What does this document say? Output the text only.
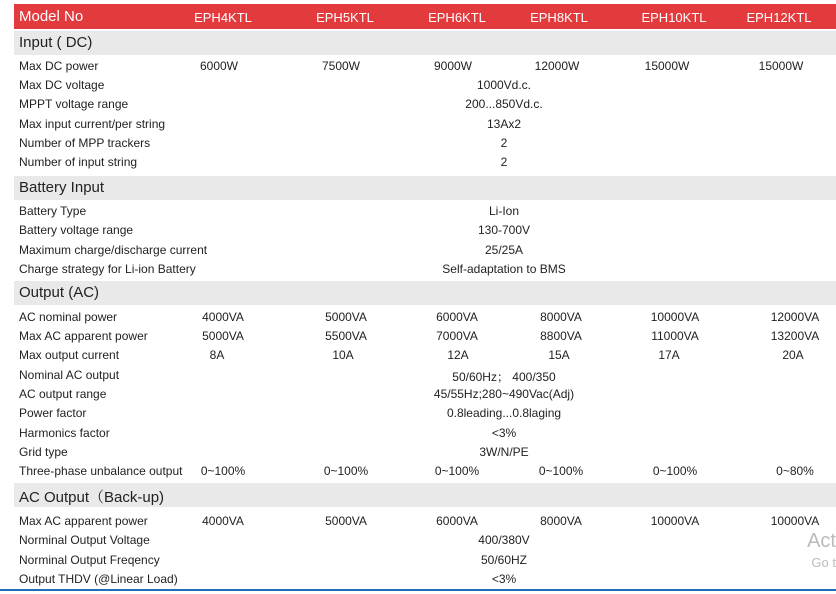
Model No	EPH4KTL	EPH5KTL	EPH6KTL	EPH8KTL	EPH10KTL	EPH12KTL
Input ( DC)
Max DC power	6000W	7500W	9000W	12000W	15000W	15000W
Max DC voltage	1000Vd.c.
MPPT voltage range	200...850Vd.c.
Max input current/per string	13Ax2
Number of MPP trackers	2
Number of input string	2
Battery Input
Battery Type	Li-Ion
Battery voltage range	130-700V
Maximum charge/discharge current	25/25A
Charge strategy for Li-ion Battery	Self-adaptation to BMS
Output (AC)
AC nominal power	4000VA	5000VA	6000VA	8000VA	10000VA	12000VA
Max AC apparent power	5000VA	5500VA	7000VA	8800VA	11000VA	13200VA
Max output current	8A	10A	12A	15A	17A	20A
Nominal AC output	50/60Hz； 400/350
AC output range	45/55Hz;280~490Vac(Adj)
Power factor	0.8leading...0.8laging
Harmonics factor	<3%
Grid type	3W/N/PE
Three-phase unbalance output	0~100%	0~100%	0~100%	0~100%	0~100%	0~80%
AC Output（Back-up)
Max AC apparent power	4000VA	5000VA	6000VA	8000VA	10000VA	10000VA
Norminal Output Voltage	400/380V
Norminal Output Freqency	50/60HZ
Output THDV (@Linear Load)	<3%
Act
Go t
